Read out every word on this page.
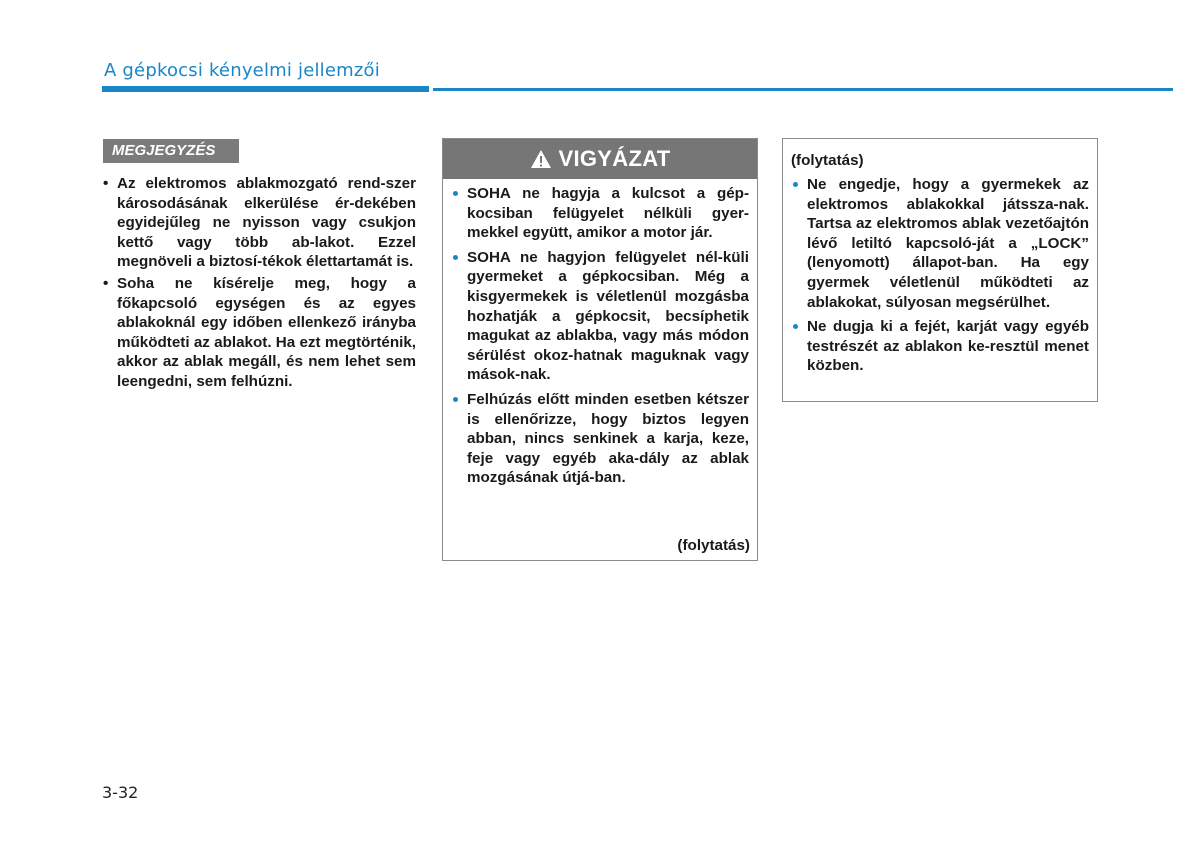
A gépkocsi kényelmi jellemzői
MEGJEGYZÉS
• Az elektromos ablakmozgató rend-szer károsodásának elkerülése ér-dekében egyidejűleg ne nyisson vagy csukjon kettő vagy több ab-lakot. Ezzel megnöveli a biztosí-tékok élettartamát is.
• Soha ne kísérelje meg, hogy a főkapcsoló egységen és az egyes ablakoknál egy időben ellenkező irányba működteti az ablakot. Ha ezt megtörténik, akkor az ablak megáll, és nem lehet sem leengedni, sem felhúzni.
VIGYÁZAT
SOHA ne hagyja a kulcsot a gép-kocsiban felügyelet nélküli gyer-mekkel együtt, amikor a motor jár.
SOHA ne hagyjon felügyelet nél-küli gyermeket a gépkocsiban. Még a kisgyermekek is véletlenül mozgásba hozhatják a gépkocsit, becsíphetik magukat az ablakba, vagy más módon sérülést okoz-hatnak maguknak vagy mások-nak.
Felhúzás előtt minden esetben kétszer is ellenőrizze, hogy biztos legyen abban, nincs senkinek a karja, keze, feje vagy egyéb aka-dály az ablak mozgásának útjá-ban.
(folytatás)
(folytatás)
Ne engedje, hogy a gyermekek az elektromos ablakokkal játssza-nak. Tartsa az elektromos ablak vezetőajtón lévő letiltó kapcsoló-ját a „LOCK” (lenyomott) állapot-ban. Ha egy gyermek véletlenül működteti az ablakokat, súlyosan megsérülhet.
Ne dugja ki a fejét, karját vagy egyéb testrészét az ablakon ke-resztül menet közben.
3-32
